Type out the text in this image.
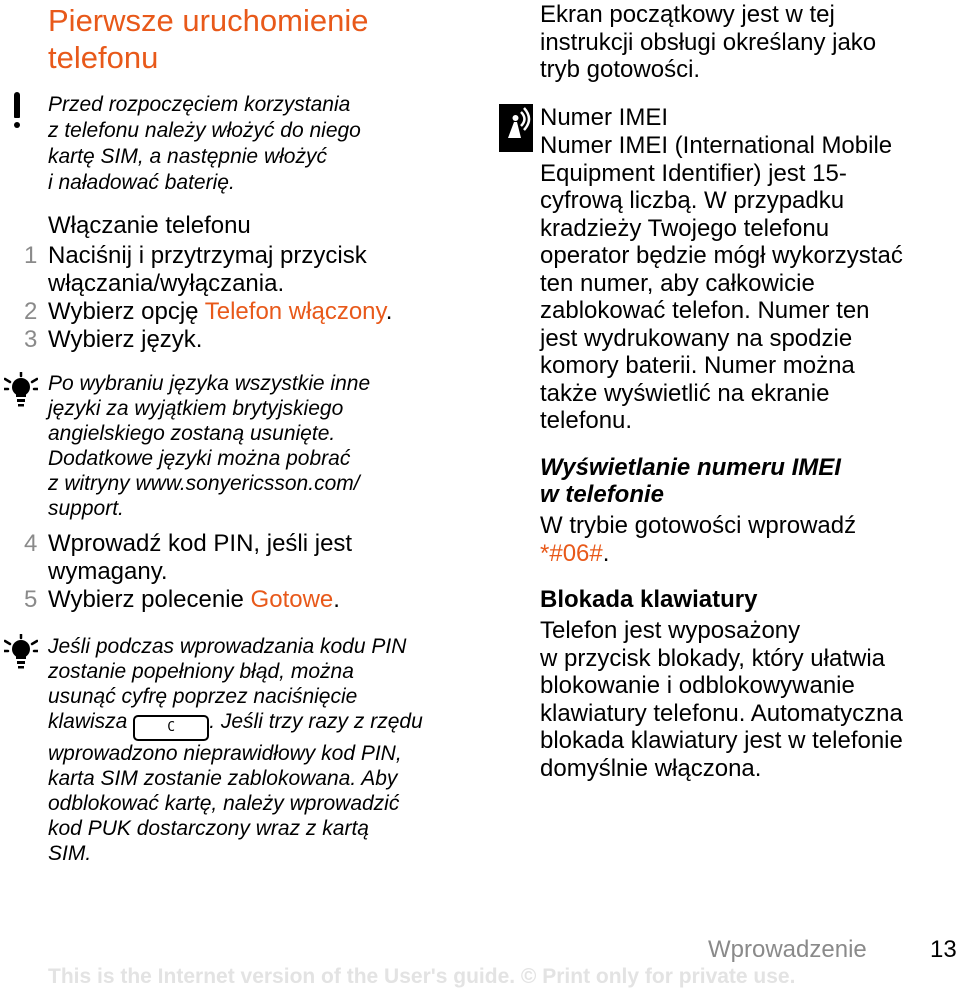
Pierwsze uruchomienie
telefonu

Przed rozpoczęciem korzystania
z telefonu należy włożyć do niego
kartę SIM, a następnie włożyć
i naładować baterię.

Włączanie telefonu
1 Naciśnij i przytrzymaj przycisk
włączania/wyłączania.
2 Wybierz opcję Telefon włączony.
3 Wybierz język.

Po wybraniu języka wszystkie inne
języki za wyjątkiem brytyjskiego
angielskiego zostaną usunięte.
Dodatkowe języki można pobrać
z witryny www.sonyericsson.com/
support.

4 Wprowadź kod PIN, jeśli jest
wymagany.
5 Wybierz polecenie Gotowe.

Jeśli podczas wprowadzania kodu PIN
zostanie popełniony błąd, można
usunąć cyfrę poprzez naciśnięcie
klawisza	C . Jeśli trzy razy z rzędu
wprowadzono nieprawidłowy kod PIN,
karta SIM zostanie zablokowana. Aby
odblokować kartę, należy wprowadzić
kod PUK dostarczony wraz z kartą
SIM.

Ekran początkowy jest w tej
instrukcji obsługi określany jako
tryb gotowości.

Numer IMEI

Numer IMEI (International Mobile
Equipment Identifier) jest 15-
cyfrową liczbą. W przypadku
kradzieży Twojego telefonu
operator będzie mógł wykorzystać
ten numer, aby całkowicie
zablokować telefon. Numer ten
jest wydrukowany na spodzie
komory baterii. Numer można
także wyświetlić na ekranie
telefonu.

Wyświetlanie numeru IMEI
w telefonie

W trybie gotowości wprowadź
*#06#.

Blokada klawiatury

Telefon jest wyposażony
w przycisk blokady, który ułatwia
blokowanie i odblokowywanie
klawiatury telefonu. Automatyczna
blokada klawiatury jest w telefonie
domyślnie włączona.

Wprowadzenie	13

This is the Internet version of the User's guide. © Print only for private use.
